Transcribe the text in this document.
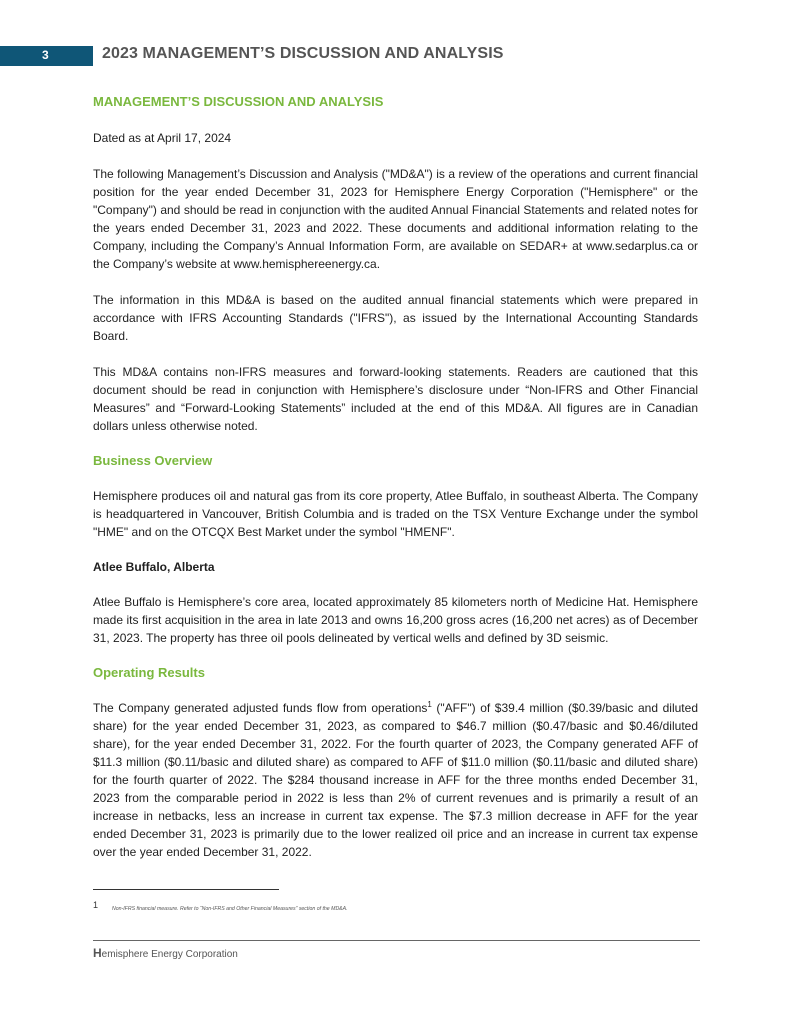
3	2023 MANAGEMENT’S DISCUSSION AND ANALYSIS
MANAGEMENT’S DISCUSSION AND ANALYSIS

Dated as at April 17, 2024

The following Management’s Discussion and Analysis ("MD&A") is a review of the operations and current financial position for the year ended December 31, 2023 for Hemisphere Energy Corporation ("Hemisphere" or the "Company") and should be read in conjunction with the audited Annual Financial Statements and related notes for the years ended December 31, 2023 and 2022. These documents and additional information relating to the Company, including the Company’s Annual Information Form, are available on SEDAR+ at www.sedarplus.ca or the Company’s website at www.hemisphereenergy.ca.

The information in this MD&A is based on the audited annual financial statements which were prepared in accordance with IFRS Accounting Standards ("IFRS"), as issued by the International Accounting Standards Board.

This MD&A contains non-IFRS measures and forward-looking statements. Readers are cautioned that this document should be read in conjunction with Hemisphere’s disclosure under “Non-IFRS and Other Financial Measures” and “Forward-Looking Statements” included at the end of this MD&A. All figures are in Canadian dollars unless otherwise noted.

Business Overview

Hemisphere produces oil and natural gas from its core property, Atlee Buffalo, in southeast Alberta. The Company is headquartered in Vancouver, British Columbia and is traded on the TSX Venture Exchange under the symbol "HME" and on the OTCQX Best Market under the symbol "HMENF".

Atlee Buffalo, Alberta

Atlee Buffalo is Hemisphere’s core area, located approximately 85 kilometers north of Medicine Hat. Hemisphere made its first acquisition in the area in late 2013 and owns 16,200 gross acres (16,200 net acres) as of December 31, 2023. The property has three oil pools delineated by vertical wells and defined by 3D seismic.

Operating Results

The Company generated adjusted funds flow from operations$^1$ ("AFF") of $39.4 million ($0.39/basic and diluted share) for the year ended December 31, 2023, as compared to $46.7 million ($0.47/basic and $0.46/diluted share), for the year ended December 31, 2022. For the fourth quarter of 2023, the Company generated AFF of $11.3 million ($0.11/basic and diluted share) as compared to AFF of $11.0 million ($0.11/basic and diluted share) for the fourth quarter of 2022. The $284 thousand increase in AFF for the three months ended December 31, 2023 from the comparable period in 2022 is less than 2% of current revenues and is primarily a result of an increase in netbacks, less an increase in current tax expense. The $7.3 million decrease in AFF for the year ended December 31, 2023 is primarily due to the lower realized oil price and an increase in current tax expense over the year ended December 31, 2022.

1	Non-IFRS financial measure. Refer to “Non-IFRS and Other Financial Measures” section of the MD&A.
Hemisphere Energy Corporation
